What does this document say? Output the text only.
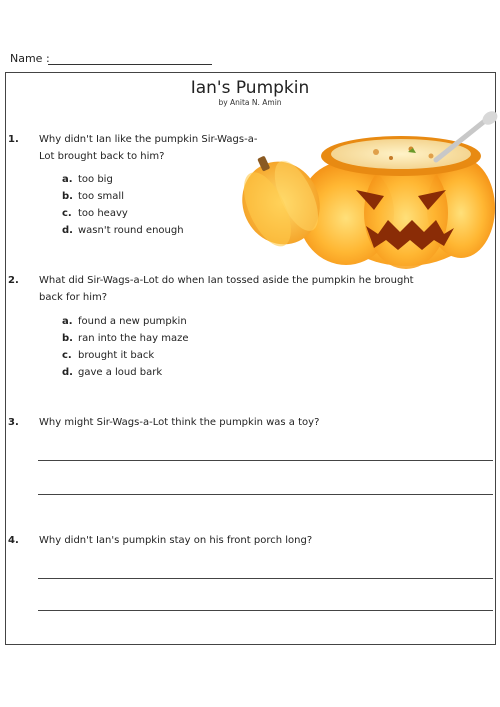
Name :
Ian's Pumpkin
by Anita N. Amin
1.	Why didn't Ian like the pumpkin Sir-Wags-a-Lot brought back to him?
a. too big
b. too small
c. too heavy
d. wasn't round enough
2.	What did Sir-Wags-a-Lot do when Ian tossed aside the pumpkin he brought back for him?
a. found a new pumpkin
b. ran into the hay maze
c. brought it back
d. gave a loud bark
3.	Why might Sir-Wags-a-Lot think the pumpkin was a toy?
4.	Why didn't Ian's pumpkin stay on his front porch long?
